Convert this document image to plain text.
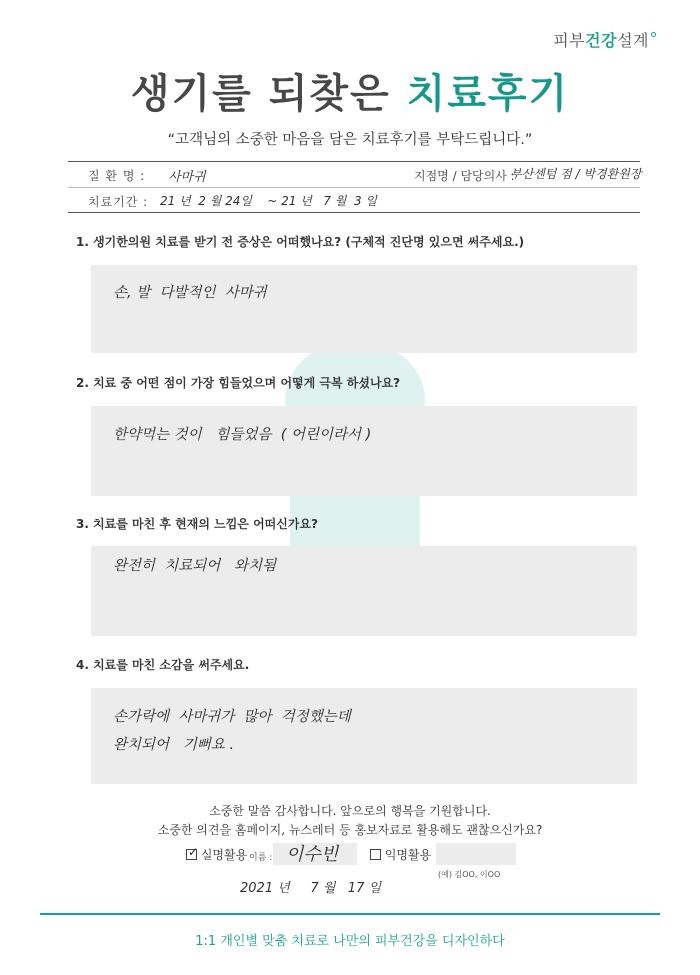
피부건강설계
생기를 되찾은 치료후기
“고객님의 소중한 마음을 담은 치료후기를 부탁드립니다.”
질 환 명 : 사마귀	지점명 / 담당의사 :
부산센텀 점 / 박경환원장
치료기간 : 21 년  2 월 24일    ~ 21 년   7 월  3 일
1. 생기한의원 치료를 받기 전 증상은 어떠했나요? (구체적 진단명 있으면 써주세요.)
손, 발  다발적인  사마귀
2. 치료 중 어떤 점이 가장 힘들었으며 어떻게 극복 하셨나요?
한약먹는 것이   힘들었음  ( 어린이라서 )
3. 치료를 마친 후 현재의 느낌은 어떠신가요?
완전히  치료되어   와치됨
4. 치료를 마친 소감을 써주세요.
손가락에  사마귀가  많아  걱정했는데
완치되어   기뻐요 .
소중한 말씀 감사합니다. 앞으로의 행복을 기원합니다.
소중한 의견을 홈페이지, 뉴스레터 등 홍보자료로 활용해도 괜찮으신가요?
✓ 실명활용 이름 : 이수빈	익명활용
(예) 김OO, 이OO
2021 년     7 월   17 일
1:1 개인별 맞춤 치료로 나만의 피부건강을 디자인하다
